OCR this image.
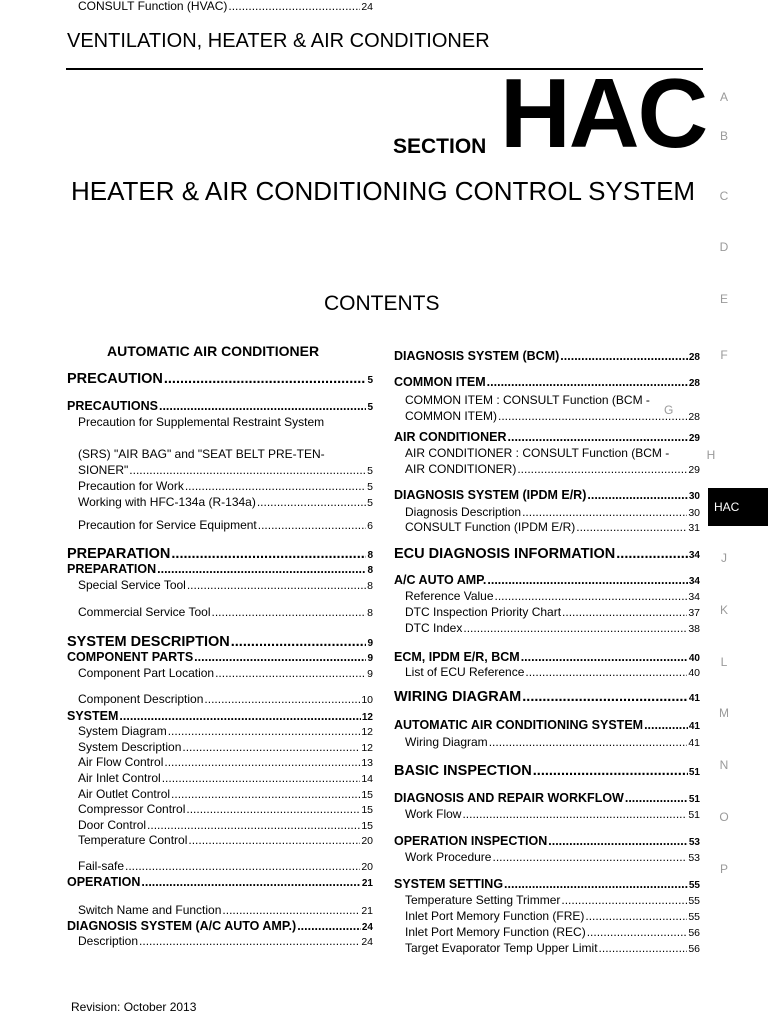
VENTILATION, HEATER & AIR CONDITIONER
SECTION HAC
HEATER & AIR CONDITIONING CONTROL SYSTEM
CONTENTS
AUTOMATIC AIR CONDITIONER
PRECAUTION .....	5
PRECAUTIONS .....	5
Precaution for Supplemental Restraint System
(SRS) "AIR BAG" and "SEAT BELT PRE-TEN-
SIONER" .....	5
Precaution for Work .....	5
Working with HFC-134a (R-134a) .....	5
Precaution for Service Equipment .....	6
PREPARATION .....	8
PREPARATION .....	8
Special Service Tool .....	8
Commercial Service Tool .....	8
SYSTEM DESCRIPTION .....	9
COMPONENT PARTS .....	9
Component Part Location .....	9
Component Description .....	10
SYSTEM .....	12
System Diagram .....	12
System Description .....	12
Air Flow Control .....	13
Air Inlet Control .....	14
Air Outlet Control .....	15
Compressor Control .....	15
Door Control .....	15
Temperature Control .....	20
Fail-safe .....	20
OPERATION .....	21
Switch Name and Function .....	21
DIAGNOSIS SYSTEM (A/C AUTO AMP.) .....	24
Description .....	24
CONSULT Function (HVAC) .....	24
DIAGNOSIS SYSTEM (BCM) .....	28
COMMON ITEM .....	28
COMMON ITEM : CONSULT Function (BCM -
COMMON ITEM) .....	28
AIR CONDITIONER .....	29
AIR CONDITIONER : CONSULT Function (BCM -
AIR CONDITIONER) .....	29
DIAGNOSIS SYSTEM (IPDM E/R) .....	30
Diagnosis Description .....	30
CONSULT Function (IPDM E/R) .....	31
ECU DIAGNOSIS INFORMATION .....	34
A/C AUTO AMP. .....	34
Reference Value .....	34
DTC Inspection Priority Chart .....	37
DTC Index .....	38
ECM, IPDM E/R, BCM .....	40
List of ECU Reference .....	40
WIRING DIAGRAM .....	41
AUTOMATIC AIR CONDITIONING SYSTEM .....	41
Wiring Diagram .....	41
BASIC INSPECTION .....	51
DIAGNOSIS AND REPAIR WORKFLOW .....	51
Work Flow .....	51
OPERATION INSPECTION .....	53
Work Procedure .....	53
SYSTEM SETTING .....	55
Temperature Setting Trimmer .....	55
Inlet Port Memory Function (FRE) .....	55
Inlet Port Memory Function (REC) .....	56
Target Evaporator Temp Upper Limit .....	56
G
A
B
C
D
E
F
H
J
K
L
M
N
O
P
HAC
Revision: October 2013
